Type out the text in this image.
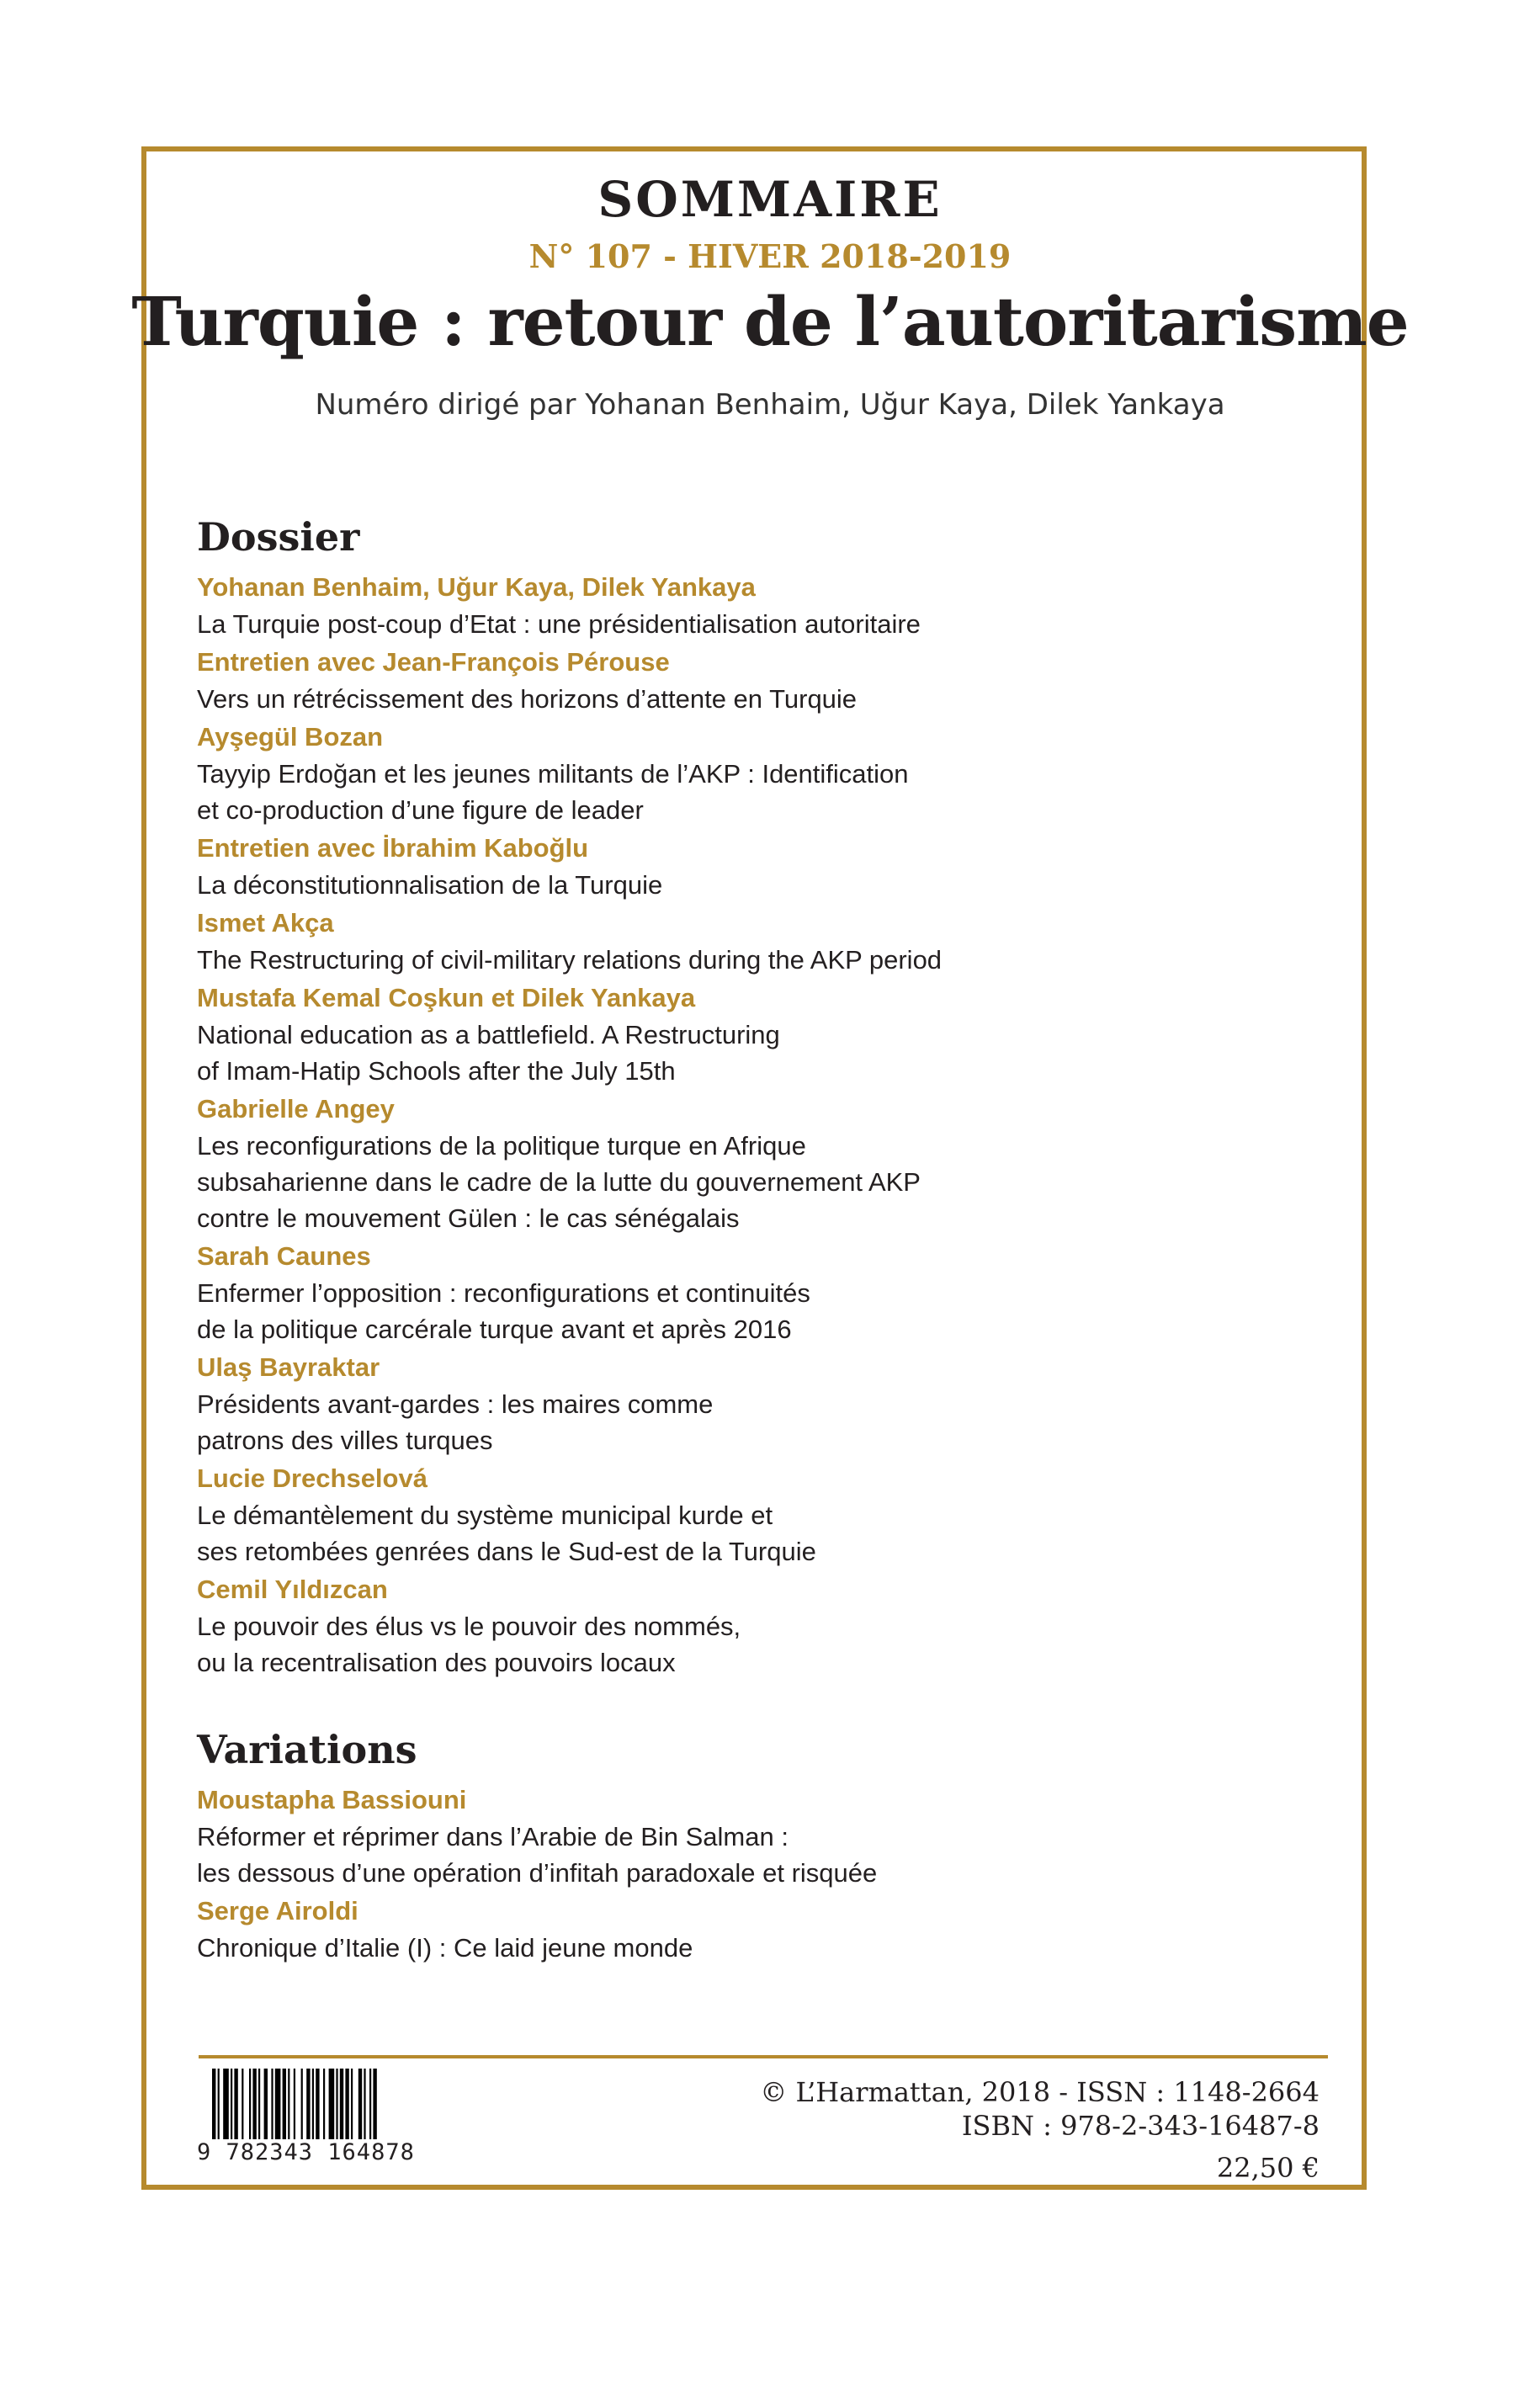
SOMMAIRE
N° 107 - HIVER 2018-2019
Turquie : retour de l’autoritarisme
Numéro dirigé par Yohanan Benhaim, Uğur Kaya, Dilek Yankaya
Dossier
Yohanan Benhaim, Uğur Kaya, Dilek Yankaya
La Turquie post-coup d’Etat : une présidentialisation autoritaire
Entretien avec Jean-François Pérouse
Vers un rétrécissement des horizons d’attente en Turquie
Ayşegül Bozan
Tayyip Erdoğan et les jeunes militants de l’AKP : Identification
et co-production d’une figure de leader
Entretien avec İbrahim Kaboğlu
La déconstitutionnalisation de la Turquie
Ismet Akça
The Restructuring of civil-military relations during the AKP period
Mustafa Kemal Coşkun et Dilek Yankaya
National education as a battlefield. A Restructuring
of Imam-Hatip Schools after the July 15th
Gabrielle Angey
Les reconfigurations de la politique turque en Afrique
subsaharienne dans le cadre de la lutte du gouvernement AKP
contre le mouvement Gülen : le cas sénégalais
Sarah Caunes
Enfermer l’opposition : reconfigurations et continuités
de la politique carcérale turque avant et après 2016
Ulaş Bayraktar
Présidents avant-gardes : les maires comme
patrons des villes turques
Lucie Drechselová
Le démantèlement du système municipal kurde et
ses retombées genrées dans le Sud-est de la Turquie
Cemil Yıldızcan
Le pouvoir des élus vs le pouvoir des nommés,
ou la recentralisation des pouvoirs locaux
Variations
Moustapha Bassiouni
Réformer et réprimer dans l’Arabie de Bin Salman :
les dessous d’une opération d’infitah paradoxale et risquée
Serge Airoldi
Chronique d’Italie (I) : Ce laid jeune monde
9 782343 164878
© L’Harmattan, 2018 - ISSN : 1148-2664
ISBN : 978-2-343-16487-8
22,50 €
